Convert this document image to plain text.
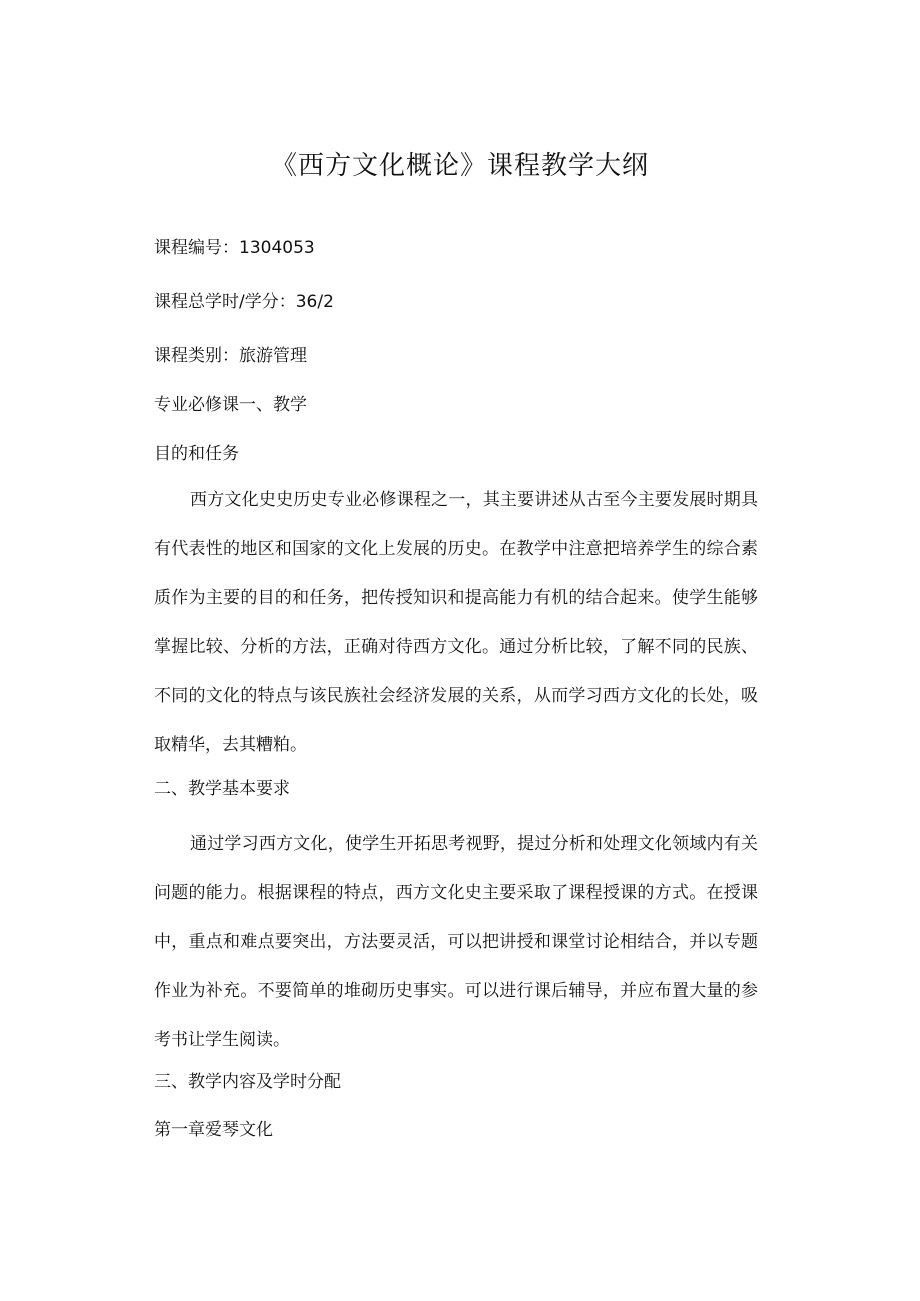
《西方文化概论》课程教学大纲
课程编号：1304053
课程总学时/学分：36/2
课程类别：旅游管理
专业必修课一、教学
目的和任务

西方文化史史历史专业必修课程之一，其主要讲述从古至今主要发展时期具有代表性的地区和国家的文化上发展的历史。在教学中注意把培养学生的综合素质作为主要的目的和任务，把传授知识和提高能力有机的结合起来。使学生能够掌握比较、分析的方法，正确对待西方文化。通过分析比较，了解不同的民族、不同的文化的特点与该民族社会经济发展的关系，从而学习西方文化的长处，吸取精华，去其糟粕。

二、教学基本要求

通过学习西方文化，使学生开拓思考视野，提过分析和处理文化领域内有关问题的能力。根据课程的特点，西方文化史主要采取了课程授课的方式。在授课中，重点和难点要突出，方法要灵活，可以把讲授和课堂讨论相结合，并以专题作业为补充。不要简单的堆砌历史事实。可以进行课后辅导，并应布置大量的参考书让学生阅读。

三、教学内容及学时分配
第一章爱琴文化
